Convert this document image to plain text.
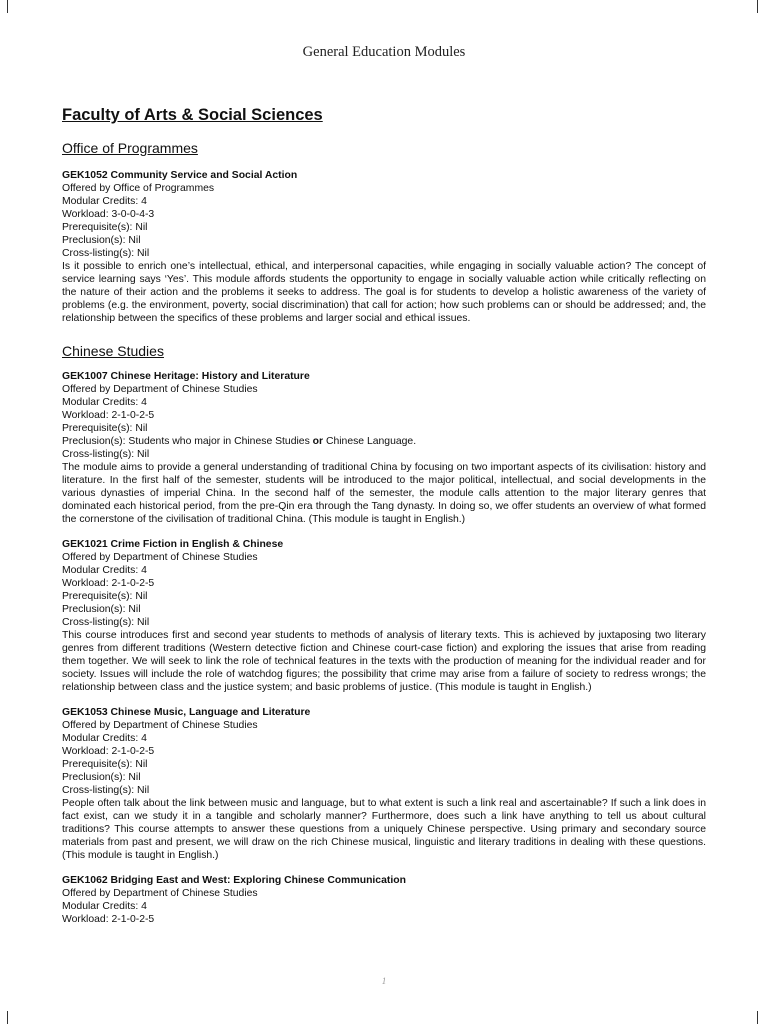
General Education Modules
Faculty of Arts & Social Sciences
Office of Programmes
GEK1052 Community Service and Social Action
Offered by Office of Programmes
Modular Credits: 4
Workload: 3-0-0-4-3
Prerequisite(s): Nil
Preclusion(s): Nil
Cross-listing(s): Nil
Is it possible to enrich one’s intellectual, ethical, and interpersonal capacities, while engaging in socially valuable action? The concept of service learning says ‘Yes’. This module affords students the opportunity to engage in socially valuable action while critically reflecting on the nature of their action and the problems it seeks to address. The goal is for students to develop a holistic awareness of the variety of problems (e.g. the environment, poverty, social discrimination) that call for action; how such problems can or should be addressed; and, the relationship between the specifics of these problems and larger social and ethical issues.
Chinese Studies
GEK1007 Chinese Heritage: History and Literature
Offered by Department of Chinese Studies
Modular Credits: 4
Workload: 2-1-0-2-5
Prerequisite(s): Nil
Preclusion(s): Students who major in Chinese Studies or Chinese Language.
Cross-listing(s): Nil
The module aims to provide a general understanding of traditional China by focusing on two important aspects of its civilisation: history and literature. In the first half of the semester, students will be introduced to the major political, intellectual, and social developments in the various dynasties of imperial China. In the second half of the semester, the module calls attention to the major literary genres that dominated each historical period, from the pre-Qin era through the Tang dynasty. In doing so, we offer students an overview of what formed the cornerstone of the civilisation of traditional China. (This module is taught in English.)
GEK1021 Crime Fiction in English & Chinese
Offered by Department of Chinese Studies
Modular Credits: 4
Workload: 2-1-0-2-5
Prerequisite(s): Nil
Preclusion(s): Nil
Cross-listing(s): Nil
This course introduces first and second year students to methods of analysis of literary texts. This is achieved by juxtaposing two literary genres from different traditions (Western detective fiction and Chinese court-case fiction) and exploring the issues that arise from reading them together. We will seek to link the role of technical features in the texts with the production of meaning for the individual reader and for society. Issues will include the role of watchdog figures; the possibility that crime may arise from a failure of society to redress wrongs; the relationship between class and the justice system; and basic problems of justice. (This module is taught in English.)
GEK1053 Chinese Music, Language and Literature
Offered by Department of Chinese Studies
Modular Credits: 4
Workload: 2-1-0-2-5
Prerequisite(s): Nil
Preclusion(s): Nil
Cross-listing(s): Nil
People often talk about the link between music and language, but to what extent is such a link real and ascertainable? If such a link does in fact exist, can we study it in a tangible and scholarly manner? Furthermore, does such a link have anything to tell us about cultural traditions? This course attempts to answer these questions from a uniquely Chinese perspective. Using primary and secondary source materials from past and present, we will draw on the rich Chinese musical, linguistic and literary traditions in dealing with these questions. (This module is taught in English.)
GEK1062 Bridging East and West: Exploring Chinese Communication
Offered by Department of Chinese Studies
Modular Credits: 4
Workload: 2-1-0-2-5
1
